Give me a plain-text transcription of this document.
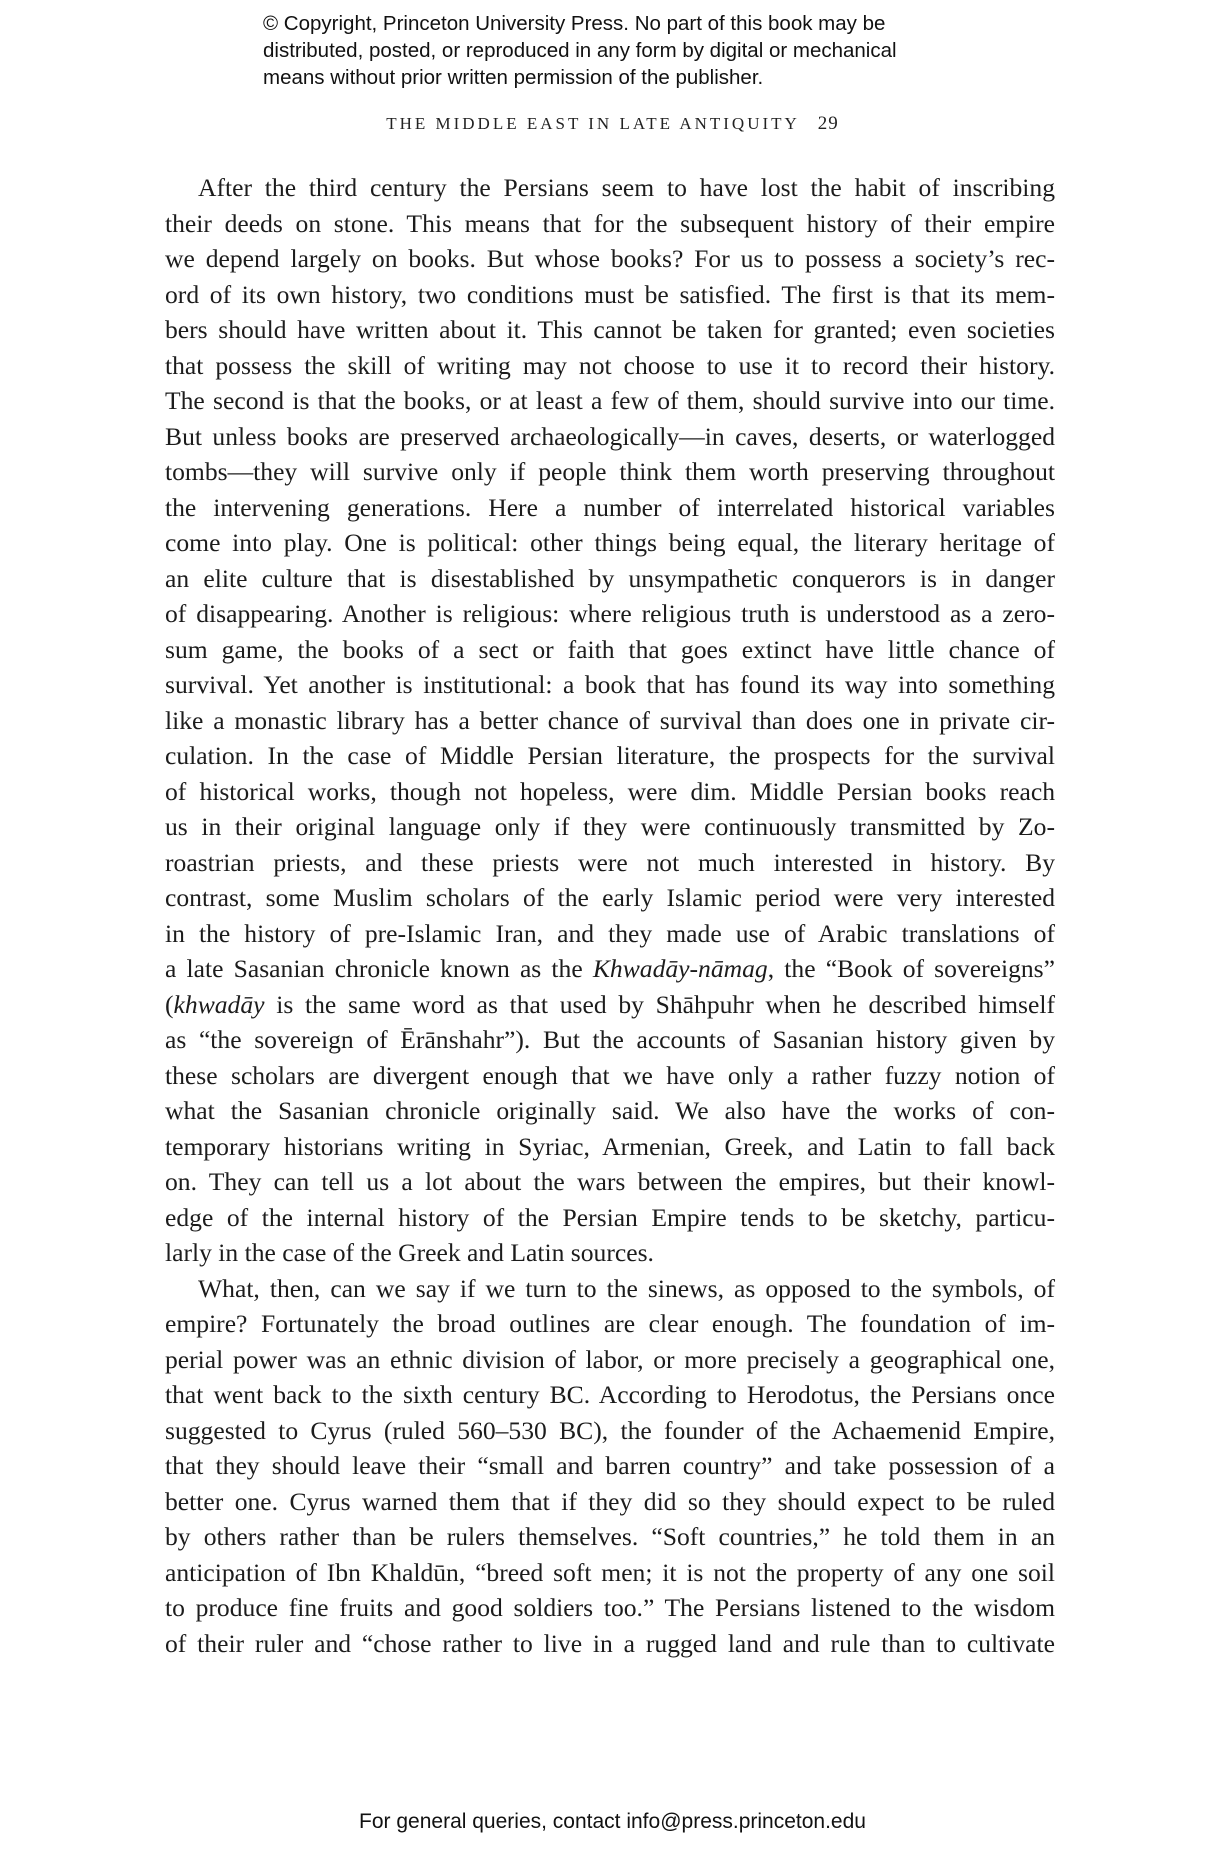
© Copyright, Princeton University Press. No part of this book may be
distributed, posted, or reproduced in any form by digital or mechanical
means without prior written permission of the publisher.
THE MIDDLE EAST IN LATE ANTIQUITY 29
After the third century the Persians seem to have lost the habit of inscribing
their deeds on stone. This means that for the subsequent history of their empire
we depend largely on books. But whose books? For us to possess a society’s rec-
ord of its own history, two conditions must be satisfied. The first is that its mem-
bers should have written about it. This cannot be taken for granted; even societies
that possess the skill of writing may not choose to use it to record their history.
The second is that the books, or at least a few of them, should survive into our time.
But unless books are preserved archaeologically—in caves, deserts, or waterlogged
tombs—they will survive only if people think them worth preserving throughout
the intervening generations. Here a number of interrelated historical variables
come into play. One is political: other things being equal, the literary heritage of
an elite culture that is disestablished by unsympathetic conquerors is in danger
of disappearing. Another is religious: where religious truth is understood as a zero-
sum game, the books of a sect or faith that goes extinct have little chance of
survival. Yet another is institutional: a book that has found its way into something
like a monastic library has a better chance of survival than does one in private cir-
culation. In the case of Middle Persian literature, the prospects for the survival
of historical works, though not hopeless, were dim. Middle Persian books reach
us in their original language only if they were continuously transmitted by Zo-
roastrian priests, and these priests were not much interested in history. By
contrast, some Muslim scholars of the early Islamic period were very interested
in the history of pre-Islamic Iran, and they made use of Arabic translations of
a late Sasanian chronicle known as the Khwadāy-nāmag, the “Book of sovereigns”
(khwadāy is the same word as that used by Shāhpuhr when he described himself
as “the sovereign of Ērānshahr”). But the accounts of Sasanian history given by
these scholars are divergent enough that we have only a rather fuzzy notion of
what the Sasanian chronicle originally said. We also have the works of con-
temporary historians writing in Syriac, Armenian, Greek, and Latin to fall back
on. They can tell us a lot about the wars between the empires, but their knowl-
edge of the internal history of the Persian Empire tends to be sketchy, particu-
larly in the case of the Greek and Latin sources.
What, then, can we say if we turn to the sinews, as opposed to the symbols, of
empire? Fortunately the broad outlines are clear enough. The foundation of im-
perial power was an ethnic division of labor, or more precisely a geographical one,
that went back to the sixth century BC. According to Herodotus, the Persians once
suggested to Cyrus (ruled 560–530 BC), the founder of the Achaemenid Empire,
that they should leave their “small and barren country” and take possession of a
better one. Cyrus warned them that if they did so they should expect to be ruled
by others rather than be rulers themselves. “Soft countries,” he told them in an
anticipation of Ibn Khaldūn, “breed soft men; it is not the property of any one soil
to produce fine fruits and good soldiers too.” The Persians listened to the wisdom
of their ruler and “chose rather to live in a rugged land and rule than to cultivate
For general queries, contact info@press.princeton.edu
